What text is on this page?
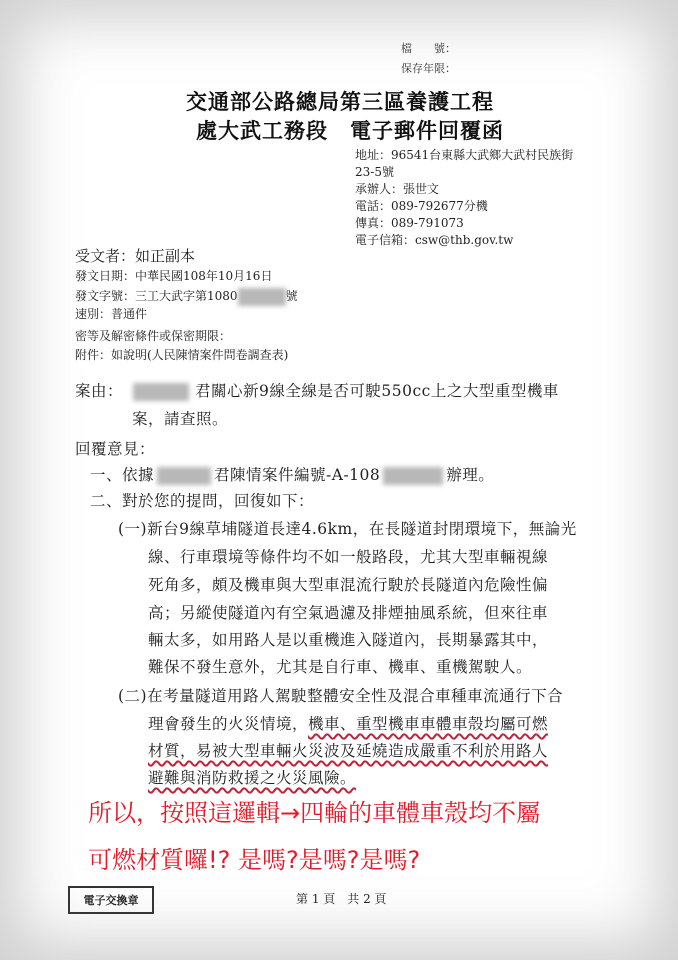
檔　　號：
保存年限：
交通部公路總局第三區養護工程
處大武工務段　電子郵件回覆函
地址：96541台東縣大武鄉大武村民族街
23-5號
承辦人：張世文
電話：089-792677分機
傳真：089-791073
電子信箱：csw@thb.gov.tw
受文者：如正副本
發文日期：中華民國108年10月16日
發文字號：三工大武字第1080	號
速別：普通件
密等及解密條件或保密期限：
附件：如說明(人民陳情案件問卷調查表)
案由：	君關心新9線全線是否可駛550cc上之大型重型機車
案，請查照。
回覆意見：
一、依據	君陳情案件編號-A-108	辦理。
二、對於您的提問，回復如下：
(一)新台9線草埔隧道長達4.6km，在長隧道封閉環境下，無論光
線、行車環境等條件均不如一般路段，尤其大型車輛視線
死角多，頗及機車與大型車混流行駛於長隧道內危險性偏
高；另縱使隧道內有空氣過濾及排煙抽風系統，但來往車
輛太多，如用路人是以重機進入隧道內，長期暴露其中，
難保不發生意外，尤其是自行車、機車、重機駕駛人。
(二)在考量隧道用路人駕駛整體安全性及混合車種車流通行下合
理會發生的火災情境，機車、重型機車車體車殼均屬可燃
材質，易被大型車輛火災波及延燒造成嚴重不利於用路人
避難與消防救援之火災風險。
所以，按照這邏輯→四輪的車體車殼均不屬
可燃材質囉!? 是嗎?是嗎?是嗎?
電子交換章	第 1 頁　共 2 頁
